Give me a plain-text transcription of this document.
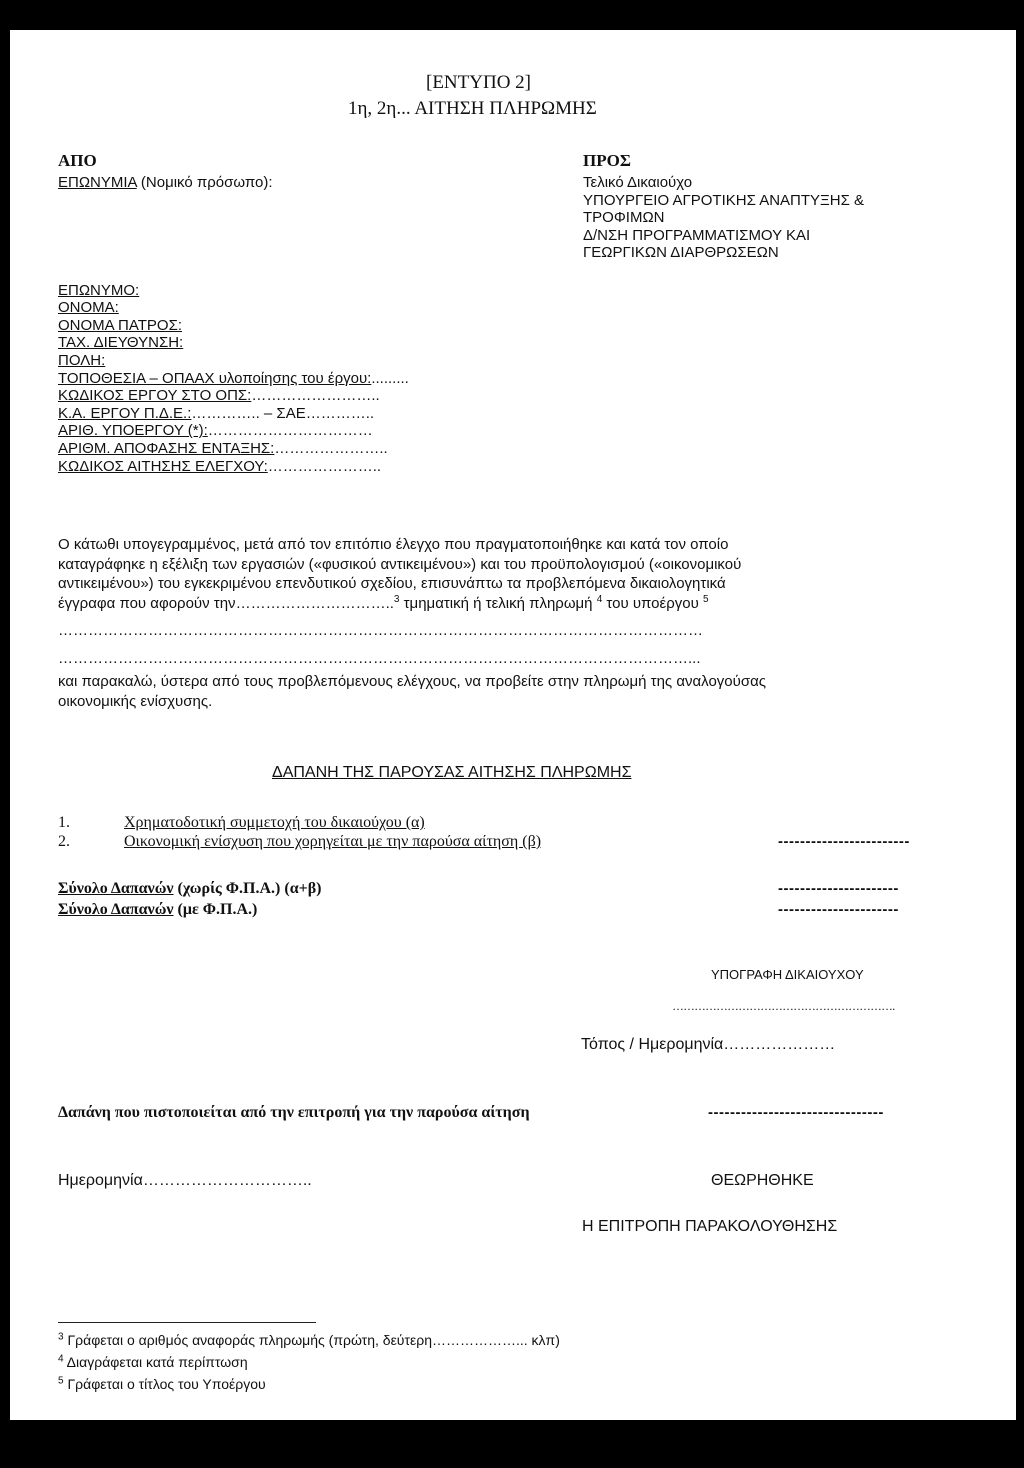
[ΕΝΤΥΠΟ 2]
1η, 2η... ΑΙΤΗΣΗ ΠΛΗΡΩΜΗΣ
ΑΠΟ
ΕΠΩΝΥΜΙΑ (Νομικό πρόσωπο):
ΕΠΩΝΥΜΟ:
ΟΝΟΜΑ:
ΟΝΟΜΑ ΠΑΤΡΟΣ:
ΤΑΧ. ΔΙΕΥΘΥΝΣΗ:
ΠΟΛΗ:
ΤΟΠΟΘΕΣΙΑ – ΟΠΑΑΧ υλοποίησης του έργου:.........
ΚΩΔΙΚΟΣ ΕΡΓΟΥ ΣΤΟ ΟΠΣ:……………………..
Κ.Α. ΕΡΓΟΥ Π.Δ.Ε.:………….. – ΣΑΕ…………..
ΑΡΙΘ. ΥΠΟΕΡΓΟΥ (*):……………………………
ΑΡΙΘΜ. ΑΠΟΦΑΣΗΣ ΕΝΤΑΞΗΣ:…………………..
ΚΩΔΙΚΟΣ ΑΙΤΗΣΗΣ ΕΛΕΓΧΟΥ:…………………..
ΠΡΟΣ
Τελικό Δικαιούχο
ΥΠΟΥΡΓΕΙΟ ΑΓΡΟΤΙΚΗΣ ΑΝΑΠΤΥΞΗΣ &
ΤΡΟΦΙΜΩΝ
Δ/ΝΣΗ ΠΡΟΓΡΑΜΜΑΤΙΣΜΟΥ ΚΑΙ
ΓΕΩΡΓΙΚΩΝ ΔΙΑΡΘΡΩΣΕΩΝ
Ο κάτωθι υπογεγραμμένος, μετά από τον επιτόπιο έλεγχο που πραγματοποιήθηκε και κατά τον οποίο
καταγράφηκε η εξέλιξη των εργασιών («φυσικού αντικειμένου») και του προϋπολογισμού («οικονομικού
αντικειμένου») του εγκεκριμένου επενδυτικού σχεδίου, επισυνάπτω τα προβλεπόμενα δικαιολογητικά
έγγραφα που αφορούν την…………………………..$^3$ τμηματική ή τελική πληρωμή $^4$ του υποέργου $^5$
…………………………………………………………………………………………………………………
………………………………………………………………………………………………………………...
και παρακαλώ, ύστερα από τους προβλεπόμενους ελέγχους, να προβείτε στην πληρωμή της αναλογούσας
οικονομικής ενίσχυσης.
ΔΑΠΑΝΗ ΤΗΣ ΠΑΡΟΥΣΑΣ ΑΙΤΗΣΗΣ ΠΛΗΡΩΜΗΣ
1.	Χρηματοδοτική συμμετοχή του δικαιούχου (α)
2.	Οικονομική ενίσχυση που χορηγείται με την παρούσα αίτηση (β)	------------------------
Σύνολο Δαπανών (χωρίς Φ.Π.Α.) (α+β)	----------------------
Σύνολο Δαπανών (με Φ.Π.Α.)	----------------------
ΥΠΟΓΡΑΦΗ ΔΙΚΑΙΟΥΧΟΥ
…………………………………………………….
Τόπος / Ημερομηνία…………………
Δαπάνη που πιστοποιείται από την επιτροπή για την παρούσα αίτηση	--------------------------------
Ημερομηνία…………………………..	ΘΕΩΡΗΘΗΚΕ
Η ΕΠΙΤΡΟΠΗ ΠΑΡΑΚΟΛΟΥΘΗΣΗΣ
$^3$ Γράφεται ο αριθμός αναφοράς πληρωμής (πρώτη, δεύτερη………………... κλπ)
$^4$ Διαγράφεται κατά περίπτωση
$^5$ Γράφεται ο τίτλος του Υποέργου
